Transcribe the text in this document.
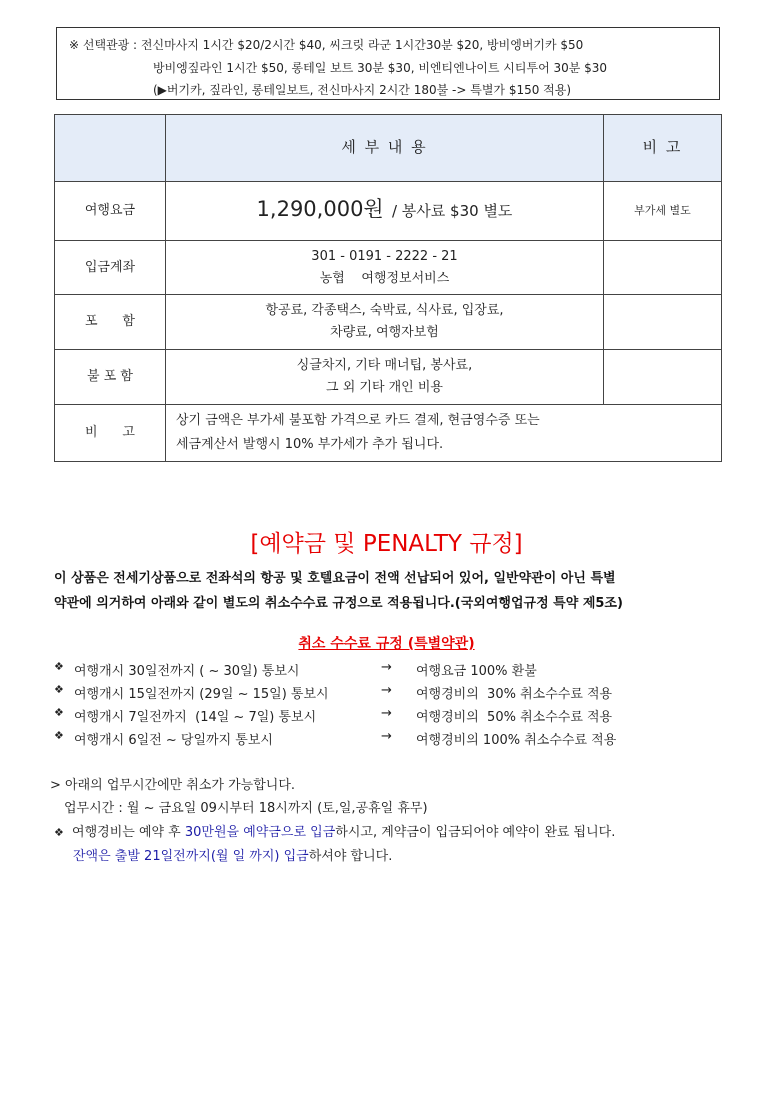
※ 선택관광 : 전신마사지 1시간 $20/2시간 $40, 씨크릿 라군 1시간30분 $20, 방비엥버기카 $50
방비엥짚라인 1시간 $50, 롱테일 보트 30분 $30, 비엔티엔나이트 시티투어 30분 $30
(▶버기카, 짚라인, 롱테일보트, 전신마사지 2시간 180불 -> 특별가 $150 적용)
	세 부 내 용	비 고
여행요금	1,290,000원 / 봉사료 $30 별도	부가세 별도
입금계좌	301 - 0191 - 2222 - 21
농협    여행정보서비스	

포      함	항공료, 각종택스, 숙박료, 식사료, 입장료,
차량료, 여행자보험	

불 포 함	싱글차지, 기타 매너팁, 봉사료,
그 외 기타 개인 비용	

비      고	상기 금액은 부가세 불포함 가격으로 카드 결제, 현금영수증 또는
세금계산서 발행시 10% 부가세가 추가 됩니다.	
[예약금 및 PENALTY 규정]
이 상품은 전세기상품으로 전좌석의 항공 및 호텔요금이 전액 선납되어 있어, 일반약관이 아닌 특별
약관에 의거하여 아래와 같이 별도의 취소수수료 규정으로 적용됩니다.(국외여행업규정 특약 제5조)
취소 수수료 규정 (특별약관)
❖ 여행개시 30일전까지 ( ~ 30일) 통보시	→ 여행요금 100% 환불
❖ 여행개시 15일전까지 (29일 ~ 15일) 통보시	→ 여행경비의  30% 취소수수료 적용
❖ 여행개시 7일전까지  (14일 ~ 7일) 통보시	→ 여행경비의  50% 취소수수료 적용
❖ 여행개시 6일전 ~ 당일까지 통보시	→ 여행경비의 100% 취소수수료 적용
> 아래의 업무시간에만 취소가 가능합니다.
업무시간 : 월 ~ 금요일 09시부터 18시까지 (토,일,공휴일 휴무)
❖ 여행경비는 예약 후 30만원을 예약금으로 입금하시고, 계약금이 입금되어야 예약이 완료 됩니다.
잔액은 출발 21일전까지(월 일 까지) 입금하셔야 합니다.
